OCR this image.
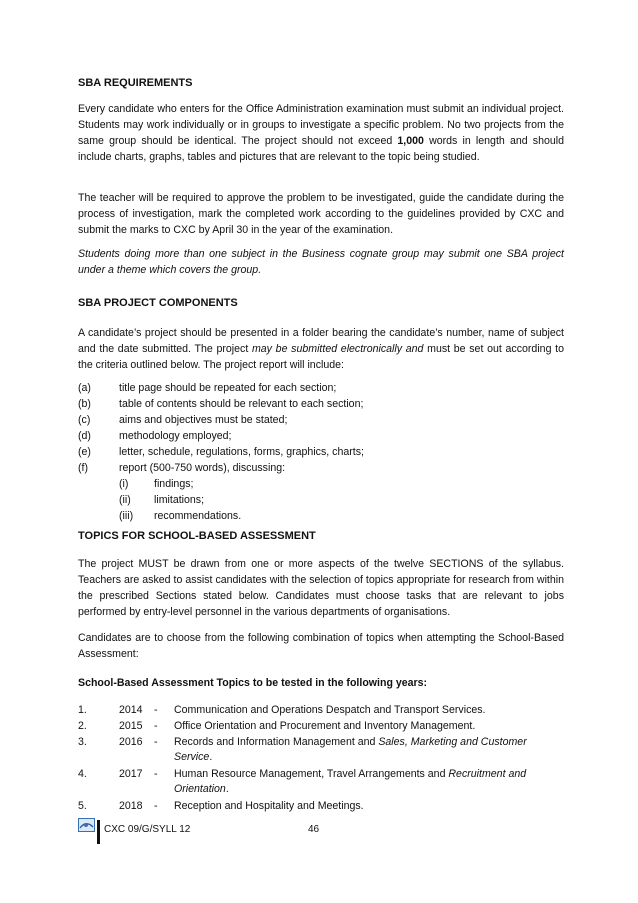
SBA REQUIREMENTS

Every candidate who enters for the Office Administration examination must submit an individual project. Students may work individually or in groups to investigate a specific problem. No two projects from the same group should be identical. The project should not exceed 1,000 words in length and should include charts, graphs, tables and pictures that are relevant to the topic being studied.

The teacher will be required to approve the problem to be investigated, guide the candidate during the process of investigation, mark the completed work according to the guidelines provided by CXC and submit the marks to CXC by April 30 in the year of the examination.

Students doing more than one subject in the Business cognate group may submit one SBA project under a theme which covers the group.

SBA PROJECT COMPONENTS

A candidate’s project should be presented in a folder bearing the candidate’s number, name of subject and the date submitted. The project may be submitted electronically and must be set out according to the criteria outlined below. The project report will include:

(a)	title page should be repeated for each section;
(b)	table of contents should be relevant to each section;
(c)	aims and objectives must be stated;
(d)	methodology employed;
(e)	letter, schedule, regulations, forms, graphics, charts;
(f)	report (500-750 words), discussing:
(i) findings;
(ii) limitations;
(iii) recommendations.
TOPICS FOR SCHOOL-BASED ASSESSMENT

The project MUST be drawn from one or more aspects of the twelve SECTIONS of the syllabus. Teachers are asked to assist candidates with the selection of topics appropriate for research from within the prescribed Sections stated below. Candidates must choose tasks that are relevant to jobs performed by entry-level personnel in the various departments of organisations.

Candidates are to choose from the following combination of topics when attempting the School-Based Assessment:

School-Based Assessment Topics to be tested in the following years:
1.	2014 - Communication and Operations Despatch and Transport Services.
2.	2015 - Office Orientation and Procurement and Inventory Management.
3.	2016 - Records and Information Management and Sales, Marketing and Customer Service.
4.	2017 - Human Resource Management, Travel Arrangements and Recruitment and Orientation.
5.	2018 - Reception and Hospitality and Meetings.
CXC 09/G/SYLL 12	46
